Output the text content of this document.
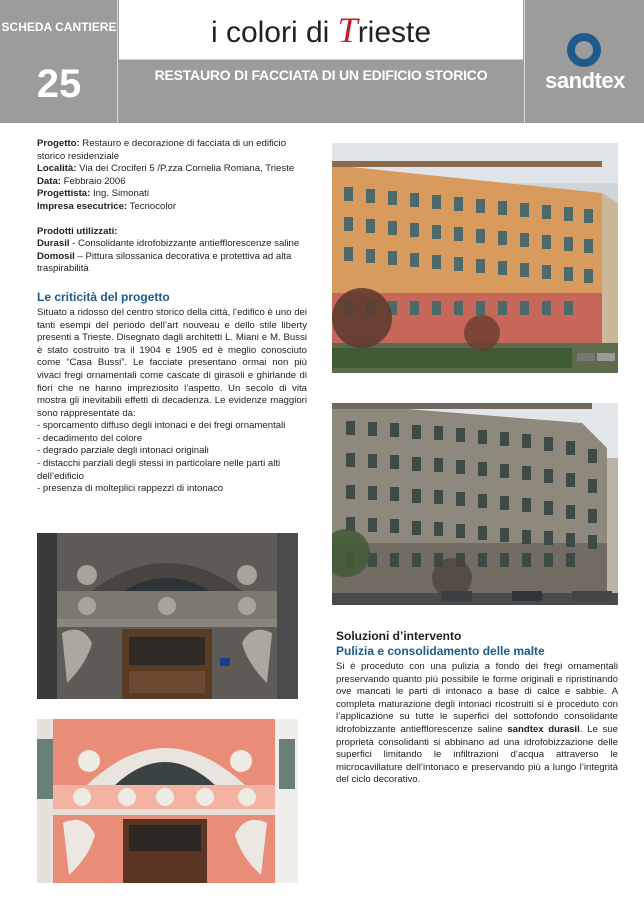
SCHEDA CANTIERE
25
i colori di Trieste
RESTAURO DI FACCIATA DI UN EDIFICIO STORICO	sandtex

Progetto: Restauro e decorazione di facciata di un edificio storico residenziale

Località: Via dei Crociferi 5 /P.zza Cornelia Romana, Trieste

Data: Febbraio 2006

Progettista: Ing. Simonati

Impresa esecutrice: Tecnocolor

Prodotti utilizzati:

Durasil - Consolidante idrofobizzante antiefflorescenze saline

Domosil – Pittura silossanica decorativa e protettiva ad alta traspirabilità

Le criticità del progetto

Situato a ridosso del centro storico della città, l’edifico è uno dei tanti esempi del periodo dell’art nouveau e dello stile liberty presenti a Trieste. Disegnato dagli architetti L. Miani e M. Bussi è stato costruito tra il 1904 e 1905 ed è meglio conosciuto come “Casa Bussi”. Le facciate presentano ormai non più vivaci fregi ornamentali come cascate di girasoli e ghirlande di fiori che ne hanno impreziosito l’aspetto. Un secolo di vita mostra gli inevitabili effetti di decadenza. Le evidenze maggiori sono rappresentate da:

- sporcamento diffuso degli intonaci e dei fregi ornamentali
- decadimento del colore
- degrado parziale degli intonaci originali
- distacchi parziali degli stessi in particolare nelle parti alti dell’edificio
- presenza di molteplici rappezzi di intonaco
Soluzioni d’intervento
Pulizia e consolidamento delle malte

Si è proceduto con una pulizia a fondo dei fregi ornamentali preservando quanto più possibile le forme originali e ripristinando ove mancati le parti di intonaco a base di calce e sabbie. A completa maturazione degli intonaci ricostruiti si è proceduto con l’applicazione su tutte le superfici del sottofondo consolidante idrofobizzante antiefflorescenze saline sandtex durasil. Le sue proprietà consolidanti si abbinano ad una idrofobizzazione delle superfici limitando le infiltrazioni d’acqua attraverso le microcavillature dell’intonaco e preservando più a lungo l’integrità del ciclo decorativo.
